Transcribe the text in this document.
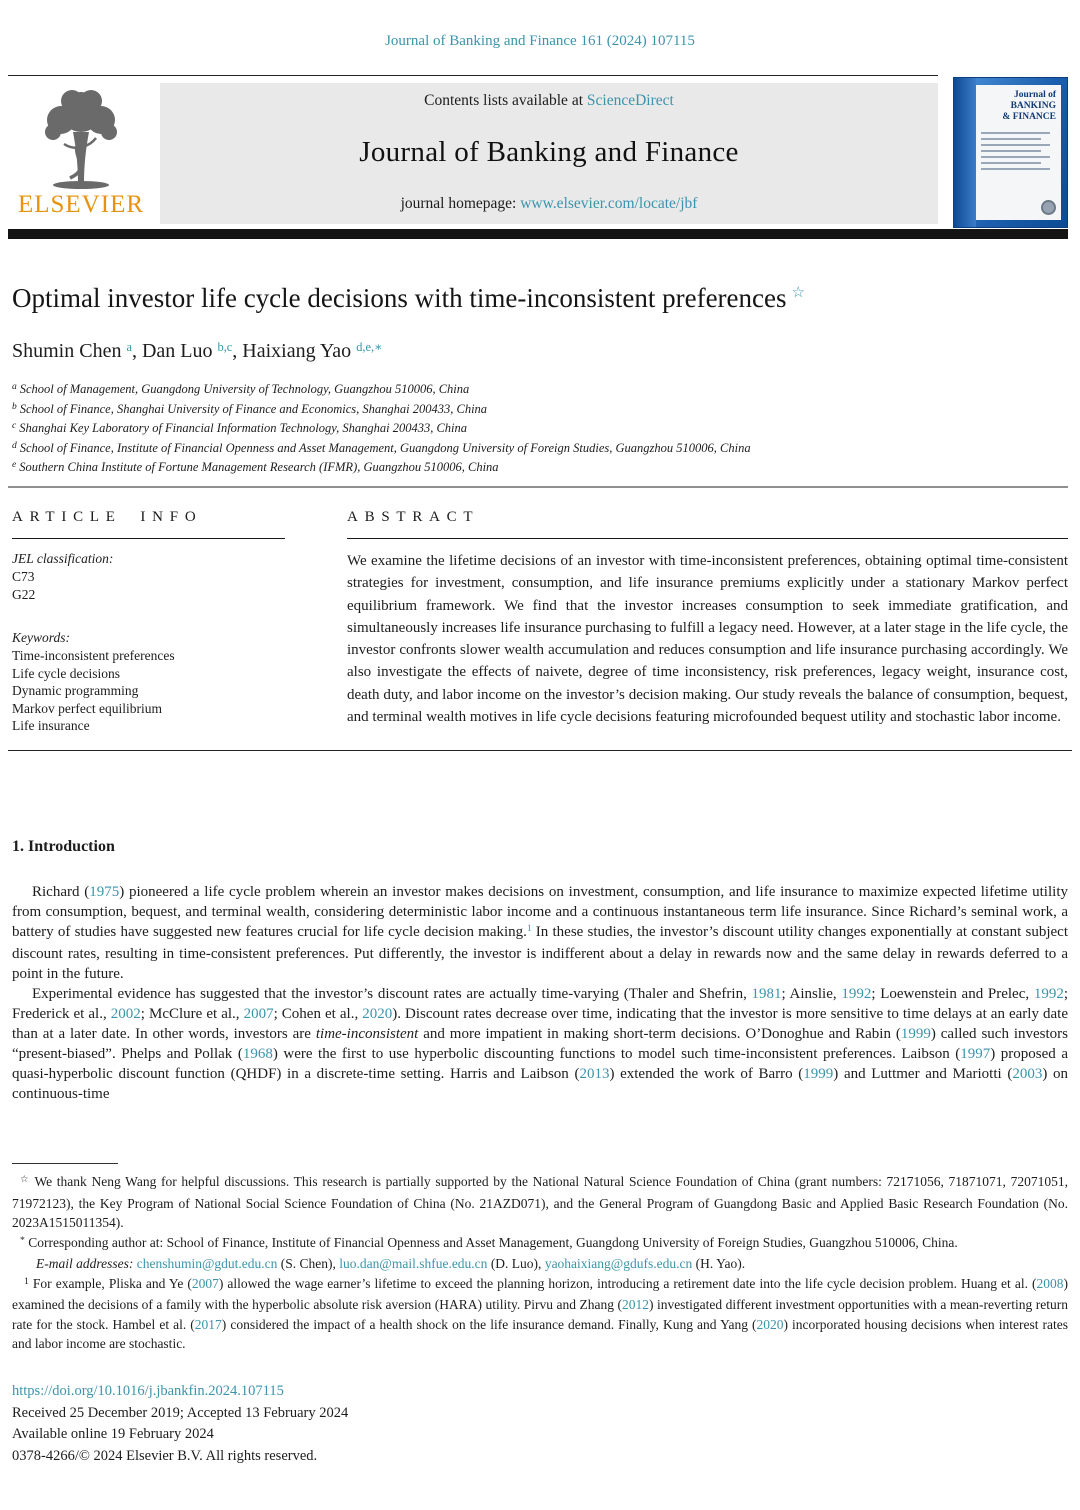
Journal of Banking and Finance 161 (2024) 107115
ELSEVIER
Contents lists available at ScienceDirect
Journal of Banking and Finance
journal homepage: www.elsevier.com/locate/jbf
Journal of
BANKING
& FINANCE
Optimal investor life cycle decisions with time-inconsistent preferences ☆
Shumin Chen $^a$, Dan Luo $^{b,c}$, Haixiang Yao $^{d,e,∗}$
$^a$ School of Management, Guangdong University of Technology, Guangzhou 510006, China
$^b$ School of Finance, Shanghai University of Finance and Economics, Shanghai 200433, China
$^c$ Shanghai Key Laboratory of Financial Information Technology, Shanghai 200433, China
$^d$ School of Finance, Institute of Financial Openness and Asset Management, Guangdong University of Foreign Studies, Guangzhou 510006, China
$^e$ Southern China Institute of Fortune Management Research (IFMR), Guangzhou 510006, China
ARTICLE INFO
JEL classification:
C73
G22
Keywords:
Time-inconsistent preferences
Life cycle decisions
Dynamic programming
Markov perfect equilibrium
Life insurance
ABSTRACT
We examine the lifetime decisions of an investor with time-inconsistent preferences, obtaining optimal time-consistent strategies for investment, consumption, and life insurance premiums explicitly under a stationary Markov perfect equilibrium framework. We find that the investor increases consumption to seek immediate gratification, and simultaneously increases life insurance purchasing to fulfill a legacy need. However, at a later stage in the life cycle, the investor confronts slower wealth accumulation and reduces consumption and life insurance purchasing accordingly. We also investigate the effects of naivete, degree of time inconsistency, risk preferences, legacy weight, insurance cost, death duty, and labor income on the investor’s decision making. Our study reveals the balance of consumption, bequest, and terminal wealth motives in life cycle decisions featuring microfounded bequest utility and stochastic labor income.
1. Introduction

Richard (1975) pioneered a life cycle problem wherein an investor makes decisions on investment, consumption, and life insurance to maximize expected lifetime utility from consumption, bequest, and terminal wealth, considering deterministic labor income and a continuous instantaneous term life insurance. Since Richard’s seminal work, a battery of studies have suggested new features crucial for life cycle decision making.$^1$ In these studies, the investor’s discount utility changes exponentially at constant subject discount rates, resulting in time-consistent preferences. Put differently, the investor is indifferent about a delay in rewards now and the same delay in rewards deferred to a point in the future.

Experimental evidence has suggested that the investor’s discount rates are actually time-varying (Thaler and Shefrin, 1981; Ainslie, 1992; Loewenstein and Prelec, 1992; Frederick et al., 2002; McClure et al., 2007; Cohen et al., 2020). Discount rates decrease over time, indicating that the investor is more sensitive to time delays at an early date than at a later date. In other words, investors are time-inconsistent and more impatient in making short-term decisions. O’Donoghue and Rabin (1999) called such investors “present-biased”. Phelps and Pollak (1968) were the first to use hyperbolic discounting functions to model such time-inconsistent preferences. Laibson (1997) proposed a quasi-hyperbolic discount function (QHDF) in a discrete-time setting. Harris and Laibson (2013) extended the work of Barro (1999) and Luttmer and Mariotti (2003) on continuous-time

☆ We thank Neng Wang for helpful discussions. This research is partially supported by the National Natural Science Foundation of China (grant numbers: 72171056, 71871071, 72071051, 71972123), the Key Program of National Social Science Foundation of China (No. 21AZD071), and the General Program of Guangdong Basic and Applied Basic Research Foundation (No. 2023A1515011354).

* Corresponding author at: School of Finance, Institute of Financial Openness and Asset Management, Guangdong University of Foreign Studies, Guangzhou 510006, China.

E-mail addresses: chenshumin@gdut.edu.cn (S. Chen), luo.dan@mail.shfue.edu.cn (D. Luo), yaohaixiang@gdufs.edu.cn (H. Yao).

$^1$ For example, Pliska and Ye (2007) allowed the wage earner’s lifetime to exceed the planning horizon, introducing a retirement date into the life cycle decision problem. Huang et al. (2008) examined the decisions of a family with the hyperbolic absolute risk aversion (HARA) utility. Pirvu and Zhang (2012) investigated different investment opportunities with a mean-reverting return rate for the stock. Hambel et al. (2017) considered the impact of a health shock on the life insurance demand. Finally, Kung and Yang (2020) incorporated housing decisions when interest rates and labor income are stochastic.

https://doi.org/10.1016/j.jbankfin.2024.107115
Received 25 December 2019; Accepted 13 February 2024
Available online 19 February 2024
0378-4266/© 2024 Elsevier B.V. All rights reserved.
